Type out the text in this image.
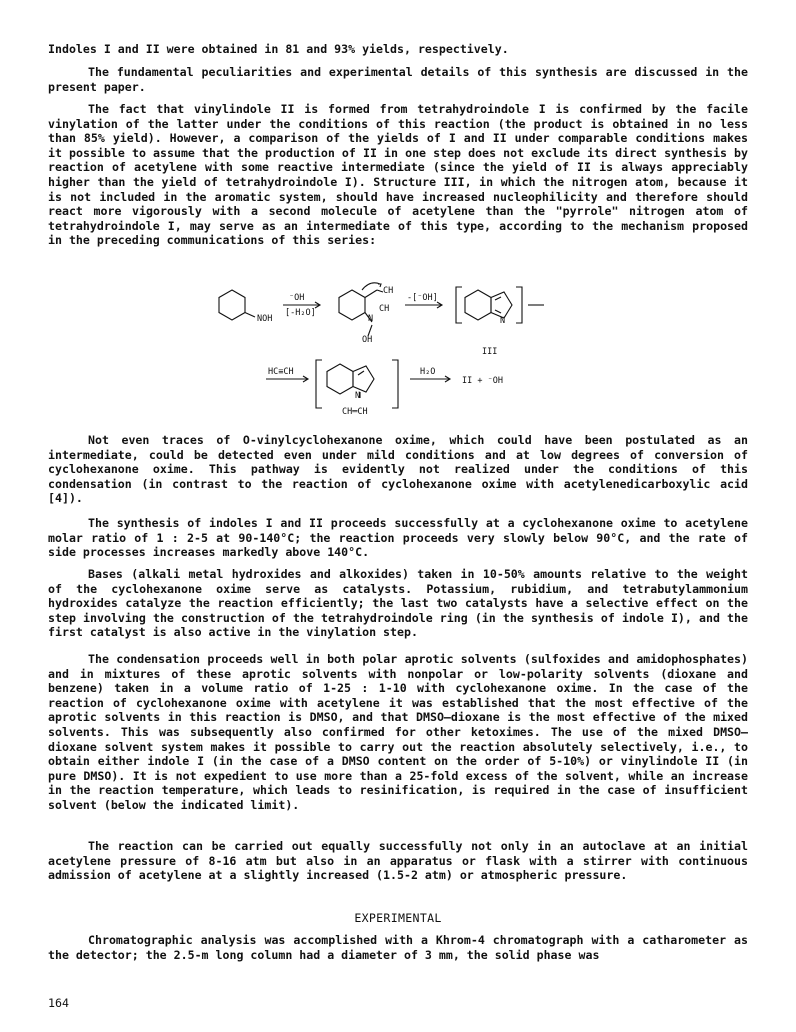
Indoles I and II were obtained in 81 and 93% yields, respectively.

The fundamental peculiarities and experimental details of this synthesis are discussed in the present paper.

The fact that vinylindole II is formed from tetrahydroindole I is confirmed by the facile vinylation of the latter under the conditions of this reaction (the product is obtained in no less than 85% yield). However, a comparison of the yields of I and II under comparable conditions makes it possible to assume that the production of II in one step does not exclude its direct synthesis by reaction of acetylene with some reactive intermediate (since the yield of II is always appreciably higher than the yield of tetrahydroindole I). Structure III, in which the nitrogen atom, because it is not included in the aromatic system, should have increased nucleophilicity and therefore should react more vigorously with a second molecule of acetylene than the "pyrrole" nitrogen atom of tetrahydroindole I, may serve as an intermediate of this type, according to the mechanism proposed in the preceding communications of this series:

NOH
⁻OH
[-H₂O]
CH
CH
N
OH
-[⁻OH]
N
III
HC≡CH
N
CH═CH
H₂O
II + ⁻OH

Not even traces of O-vinylcyclohexanone oxime, which could have been postulated as an intermediate, could be detected even under mild conditions and at low degrees of conversion of cyclohexanone oxime. This pathway is evidently not realized under the conditions of this condensation (in contrast to the reaction of cyclohexanone oxime with acetylenedicarboxylic acid [4]).

The synthesis of indoles I and II proceeds successfully at a cyclohexanone oxime to acetylene molar ratio of 1 : 2-5 at 90-140°C; the reaction proceeds very slowly below 90°C, and the rate of side processes increases markedly above 140°C.

Bases (alkali metal hydroxides and alkoxides) taken in 10-50% amounts relative to the weight of the cyclohexanone oxime serve as catalysts. Potassium, rubidium, and tetrabutylammonium hydroxides catalyze the reaction efficiently; the last two catalysts have a selective effect on the step involving the construction of the tetrahydroindole ring (in the synthesis of indole I), and the first catalyst is also active in the vinylation step.

The condensation proceeds well in both polar aprotic solvents (sulfoxides and amidophosphates) and in mixtures of these aprotic solvents with nonpolar or low-polarity solvents (dioxane and benzene) taken in a volume ratio of 1-25 : 1-10 with cyclohexanone oxime. In the case of the reaction of cyclohexanone oxime with acetylene it was established that the most effective of the aprotic solvents in this reaction is DMSO, and that DMSO—dioxane is the most effective of the mixed solvents. This was subsequently also confirmed for other ketoximes. The use of the mixed DMSO—dioxane solvent system makes it possible to carry out the reaction absolutely selectively, i.e., to obtain either indole I (in the case of a DMSO content on the order of 5-10%) or vinylindole II (in pure DMSO). It is not expedient to use more than a 25-fold excess of the solvent, while an increase in the reaction temperature, which leads to resinification, is required in the case of insufficient solvent (below the indicated limit).

The reaction can be carried out equally successfully not only in an autoclave at an initial acetylene pressure of 8-16 atm but also in an apparatus or flask with a stirrer with continuous admission of acetylene at a slightly increased (1.5-2 atm) or atmospheric pressure.

EXPERIMENTAL

Chromatographic analysis was accomplished with a Khrom-4 chromatograph with a catharometer as the detector; the 2.5-m long column had a diameter of 3 mm, the solid phase was

164
